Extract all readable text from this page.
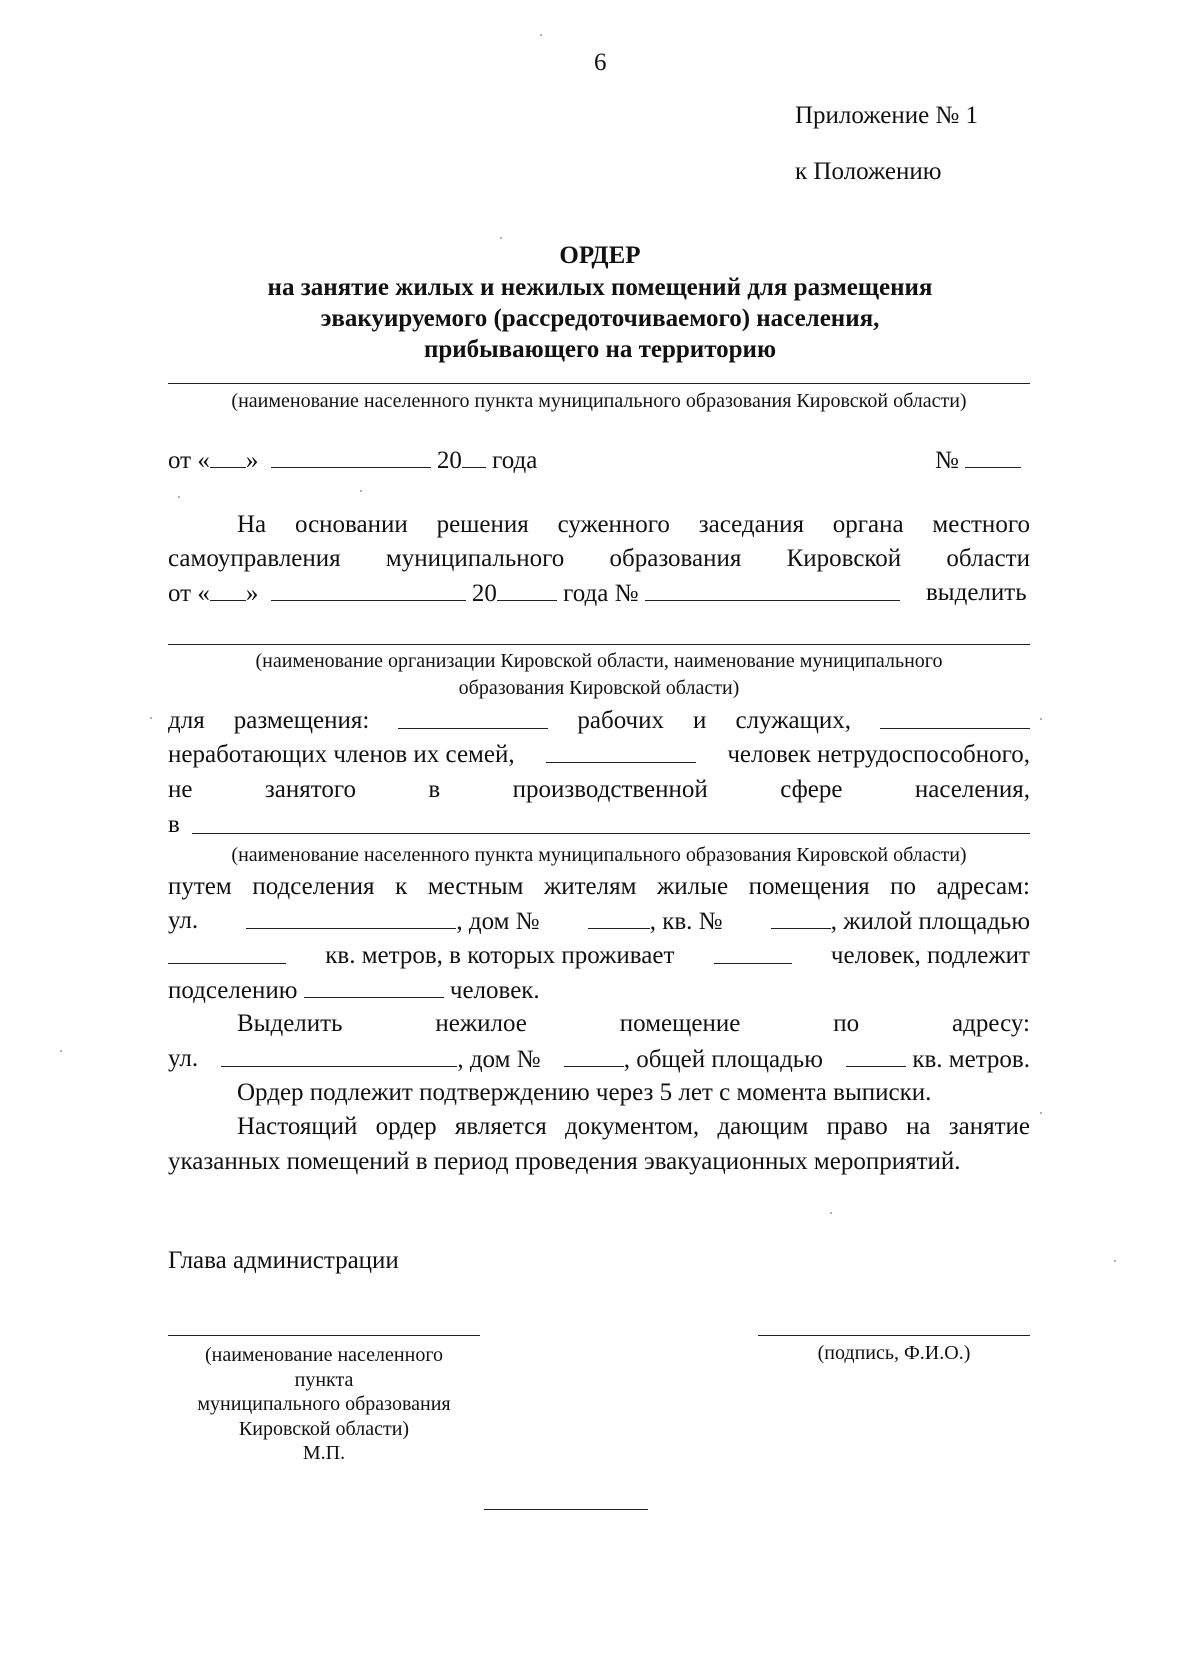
6
Приложение № 1
к Положению
ОРДЕР
на занятие жилых и нежилых помещений для размещения
эвакуируемого (рассредоточиваемого) населения,
прибывающего на территорию
(наименование населенного пункта муниципального образования Кировской области)
от « »	20 года	№
На основании решения суженного заседания органа местного
самоуправления муниципального образования Кировской области
от « »	20	года №	выделить
(наименование организации Кировской области, наименование муниципального
образования Кировской области)
для размещения:	рабочих и служащих,
неработающих членов их семей,	человек нетрудоспособного,
не	занятого	в	производственной	сфере	населения,
в
(наименование населенного пункта муниципального образования Кировской области)
путем подселения к местным жителям жилые помещения по адресам:
ул.	, дом №	, кв. №	, жилой площадью
кв. метров, в которых проживает	человек, подлежит
подселению	человек.
Выделить	нежилое	помещение	по	адресу:
ул.	, дом №	, общей площадью	кв. метров.
Ордер подлежит подтверждению через 5 лет с момента выписки.
Настоящий ордер является документом, дающим право на занятие
указанных помещений в период проведения эвакуационных мероприятий.
Глава администрации
(наименование населенного
пункта
муниципального образования
Кировской области)
М.П.
(подпись, Ф.И.О.)
